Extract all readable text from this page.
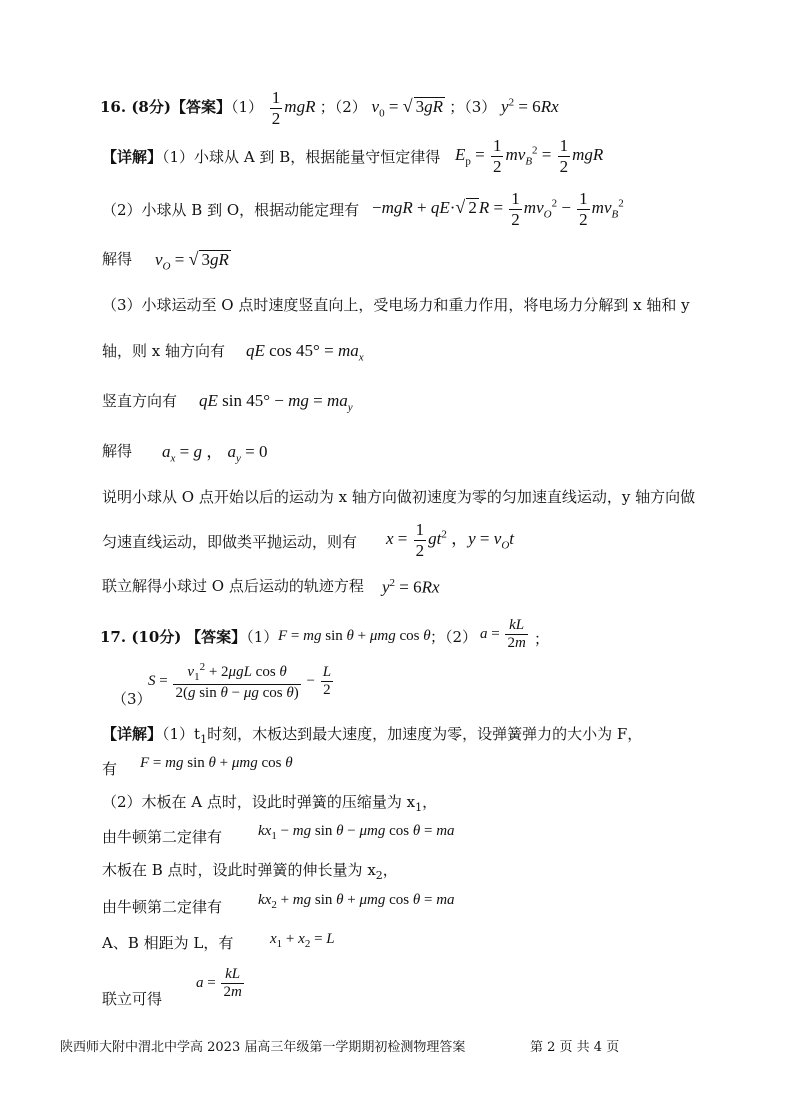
16. (8分)【答案】$(1) \frac{1}{2}$ mgR ；（2） $v_0$ = √ 3gR ；（3） $y^2 = 6Rx$
【详解】（1）小球从 A 到 B，根据能量守恒定律得 $E_p = \frac{1}{2} mv_B^2 = \frac{1}{2}$ mgR
（2）小球从 B 到 O，根据动能定理有 −mgR + qE·√ 2 $R = \frac{1}{2} mv_O^2 - \frac{1}{2} mv_B^2$
解得 $v_O$ = √ 3gR
（3）小球运动至 O 点时速度竖直向上，受电场力和重力作用，将电场力分解到 x 轴和 y
轴，则 x 轴方向有 qE $\cos 45^\circ = ma_x$
竖直方向有 qE sin 45° − mg = $ma_y$
解得 $a_x = g$ ， $a_y = 0$
说明小球从 O 点开始以后的运动为 x 轴方向做初速度为零的匀加速直线运动，y 轴方向做
匀速直线运动，即做类平抛运动，则有 $x = \frac{1}{2} gt^2$ ，$y = v_Ot$
联立解得小球过 O 点后运动的轨迹方程 $y^2 = 6Rx$
17. (10分) 【答案】（1） F = mg sin θ + μmg cos θ ；（2） $a = \frac{kL}{2m}$ ；
（3）
$S = \frac{v_1^2 + 2\mu gL \cos \theta}{\text{2(g sin θ − μg cos θ)}} - \frac{L}{2}$
【详解】$(1)t_1$时刻，木板达到最大速度，加速度为零，设弹簧弹力的大小为 F，
有 F = mg sin θ + μmg cos θ
（2）木板在 A 点时，设此时弹簧的压缩量为 $x_1$，
由牛顿第二定律有 $kx_1$ − mg sin θ − μmg cos θ = ma
木板在 B 点时，设此时弹簧的伸长量为 $x_2$，
由牛顿第二定律有 $kx_2$ + mg sin θ + μmg cos θ = ma
A、B 相距为 L，有 $x_1 + x_2 = L$
联立可得
$a = \frac{kL}{2m}$
陕西师大附中渭北中学高 2023 届高三年级第一学期期初检测物理答案	第 2 页 共 4 页
